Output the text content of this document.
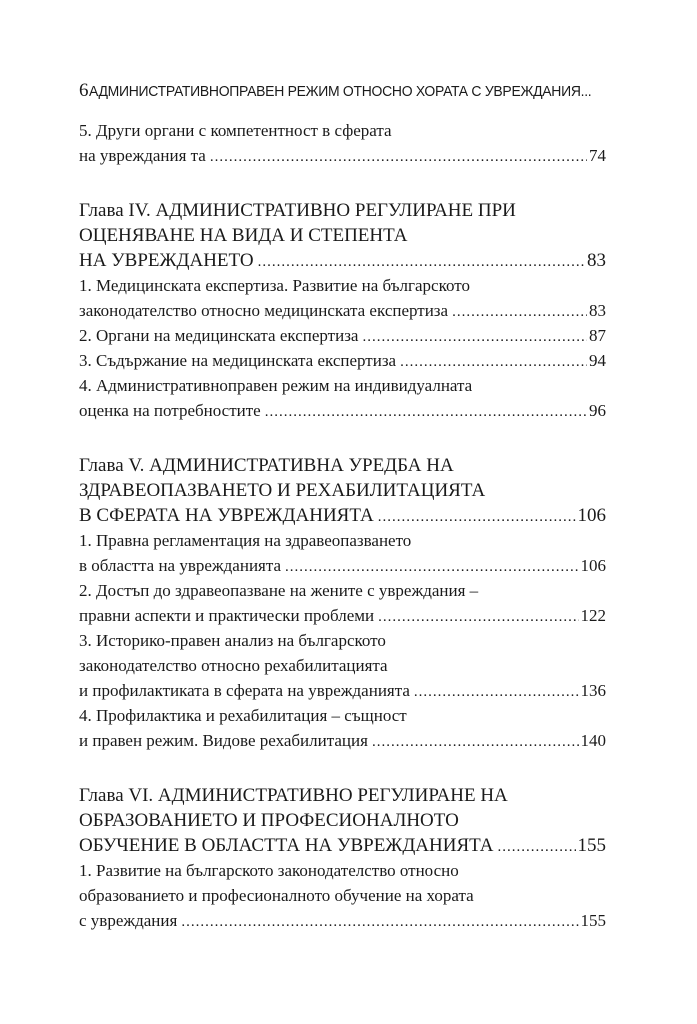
6 АДМИНИСТРАТИВНОПРАВЕН РЕЖИМ ОТНОСНО ХОРАТА С УВРЕЖДАНИЯ...
5. Други органи с компетентност в сферата
на увреждания та .....	74
Глава IV. АДМИНИСТРАТИВНО РЕГУЛИРАНЕ ПРИ
ОЦЕНЯВАНЕ НА ВИДА И СТЕПЕНТА
НА УВРЕЖДАНЕТО .....	83
1. Медицинската експертиза. Развитие на българското
законодателство относно медицинската експертиза .....	83
2. Органи на медицинската експертиза .....	87
3. Съдържание на медицинската експертиза .....	94
4. Административноправен режим на индивидуалната
оценка на потребностите .....	96
Глава V. АДМИНИСТРАТИВНА УРЕДБА НА
ЗДРАВЕОПАЗВАНЕТО И РЕХАБИЛИТАЦИЯТА
В СФЕРАТА НА УВРЕЖДАНИЯТА .....	106
1. Правна регламентация на здравеопазването
в областта на уврежданията .....	106
2. Достъп до здравеопазване на жените с увреждания –
правни аспекти и практически проблеми .....	122
3. Историко-правен анализ на българското
законодателство относно рехабилитацията
и профилактиката в сферата на уврежданията .....	136
4. Профилактика и рехабилитация – същност
и правен режим. Видове рехабилитация .....	140
Глава VI. АДМИНИСТРАТИВНО РЕГУЛИРАНЕ НА
ОБРАЗОВАНИЕТО И ПРОФЕСИОНАЛНОТО
ОБУЧЕНИЕ В ОБЛАСТТА НА УВРЕЖДАНИЯТА .....	155
1. Развитие на българското законодателство относно
образованието и професионалното обучение на хората
с увреждания .....	155
